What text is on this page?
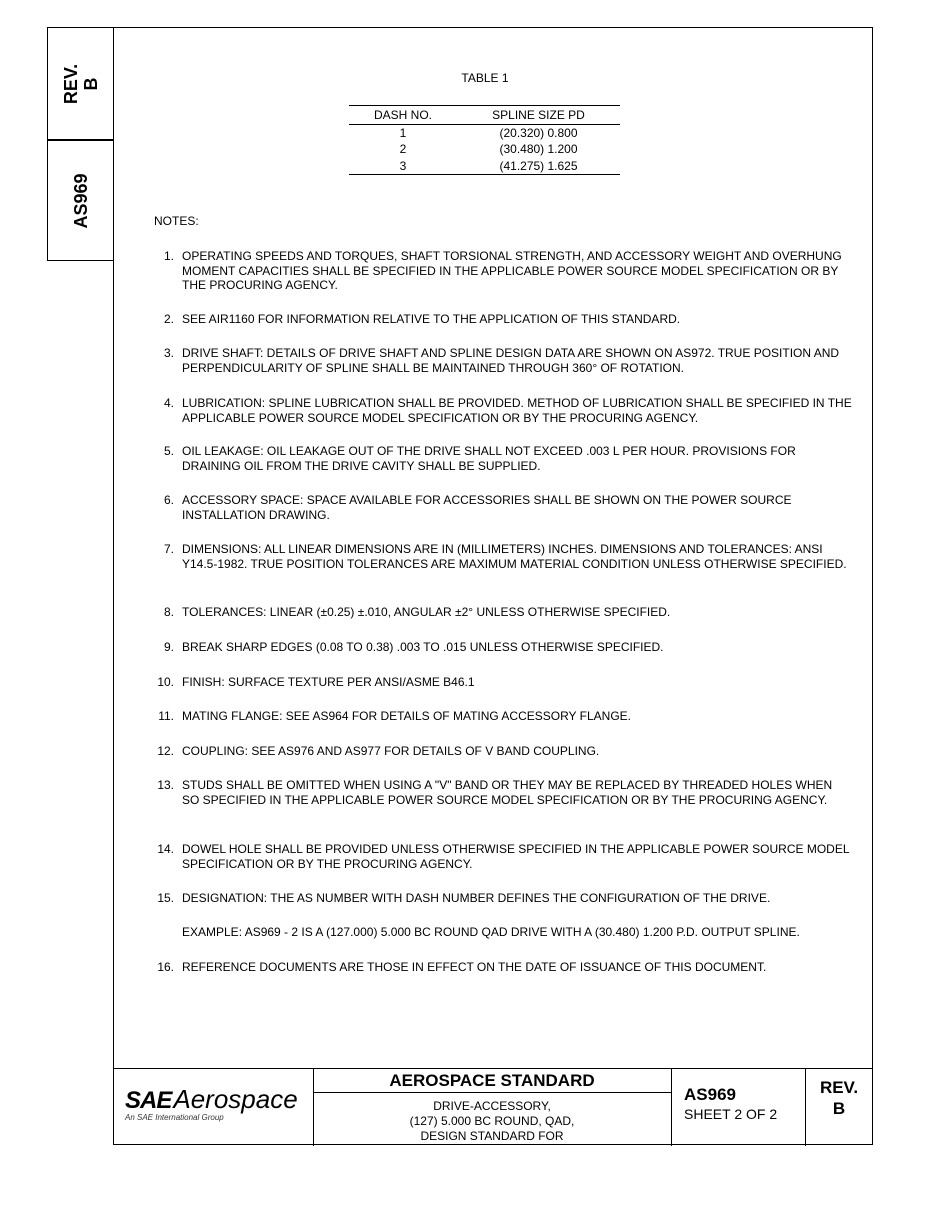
REV. B
AS969
TABLE 1
DASH NO.	SPLINE SIZE PD
1	(20.320) 0.800
2	(30.480) 1.200
3	(41.275) 1.625
NOTES:
1. OPERATING SPEEDS AND TORQUES, SHAFT TORSIONAL STRENGTH, AND ACCESSORY WEIGHT AND OVERHUNG MOMENT CAPACITIES SHALL BE SPECIFIED IN THE APPLICABLE POWER SOURCE MODEL SPECIFICATION OR BY THE PROCURING AGENCY.
2. SEE AIR1160 FOR INFORMATION RELATIVE TO THE APPLICATION OF THIS STANDARD.
3. DRIVE SHAFT: DETAILS OF DRIVE SHAFT AND SPLINE DESIGN DATA ARE SHOWN ON AS972. TRUE POSITION AND PERPENDICULARITY OF SPLINE SHALL BE MAINTAINED THROUGH 360° OF ROTATION.
4. LUBRICATION: SPLINE LUBRICATION SHALL BE PROVIDED. METHOD OF LUBRICATION SHALL BE SPECIFIED IN THE APPLICABLE POWER SOURCE MODEL SPECIFICATION OR BY THE PROCURING AGENCY.
5. OIL LEAKAGE: OIL LEAKAGE OUT OF THE DRIVE SHALL NOT EXCEED .003 L PER HOUR. PROVISIONS FOR DRAINING OIL FROM THE DRIVE CAVITY SHALL BE SUPPLIED.
6. ACCESSORY SPACE: SPACE AVAILABLE FOR ACCESSORIES SHALL BE SHOWN ON THE POWER SOURCE INSTALLATION DRAWING.
7. DIMENSIONS: ALL LINEAR DIMENSIONS ARE IN (MILLIMETERS) INCHES. DIMENSIONS AND TOLERANCES: ANSI Y14.5-1982. TRUE POSITION TOLERANCES ARE MAXIMUM MATERIAL CONDITION UNLESS OTHERWISE SPECIFIED.
8. TOLERANCES: LINEAR (±0.25) ±.010, ANGULAR ±2° UNLESS OTHERWISE SPECIFIED.
9. BREAK SHARP EDGES (0.08 TO 0.38) .003 TO .015 UNLESS OTHERWISE SPECIFIED.
10. FINISH: SURFACE TEXTURE PER ANSI/ASME B46.1
11. MATING FLANGE: SEE AS964 FOR DETAILS OF MATING ACCESSORY FLANGE.
12. COUPLING: SEE AS976 AND AS977 FOR DETAILS OF V BAND COUPLING.
13. STUDS SHALL BE OMITTED WHEN USING A "V" BAND OR THEY MAY BE REPLACED BY THREADED HOLES WHEN SO SPECIFIED IN THE APPLICABLE POWER SOURCE MODEL SPECIFICATION OR BY THE PROCURING AGENCY.
14. DOWEL HOLE SHALL BE PROVIDED UNLESS OTHERWISE SPECIFIED IN THE APPLICABLE POWER SOURCE MODEL SPECIFICATION OR BY THE PROCURING AGENCY.
15. DESIGNATION: THE AS NUMBER WITH DASH NUMBER DEFINES THE CONFIGURATION OF THE DRIVE.
EXAMPLE: AS969 - 2 IS A (127.000) 5.000 BC ROUND QAD DRIVE WITH A (30.480) 1.200 P.D. OUTPUT SPLINE.
16. REFERENCE DOCUMENTS ARE THOSE IN EFFECT ON THE DATE OF ISSUANCE OF THIS DOCUMENT.
SAEAerospace
An SAE International Group
AEROSPACE STANDARD
DRIVE-ACCESSORY,
(127) 5.000 BC ROUND, QAD,
DESIGN STANDARD FOR
AS969
SHEET 2 OF 2
REV.
B
